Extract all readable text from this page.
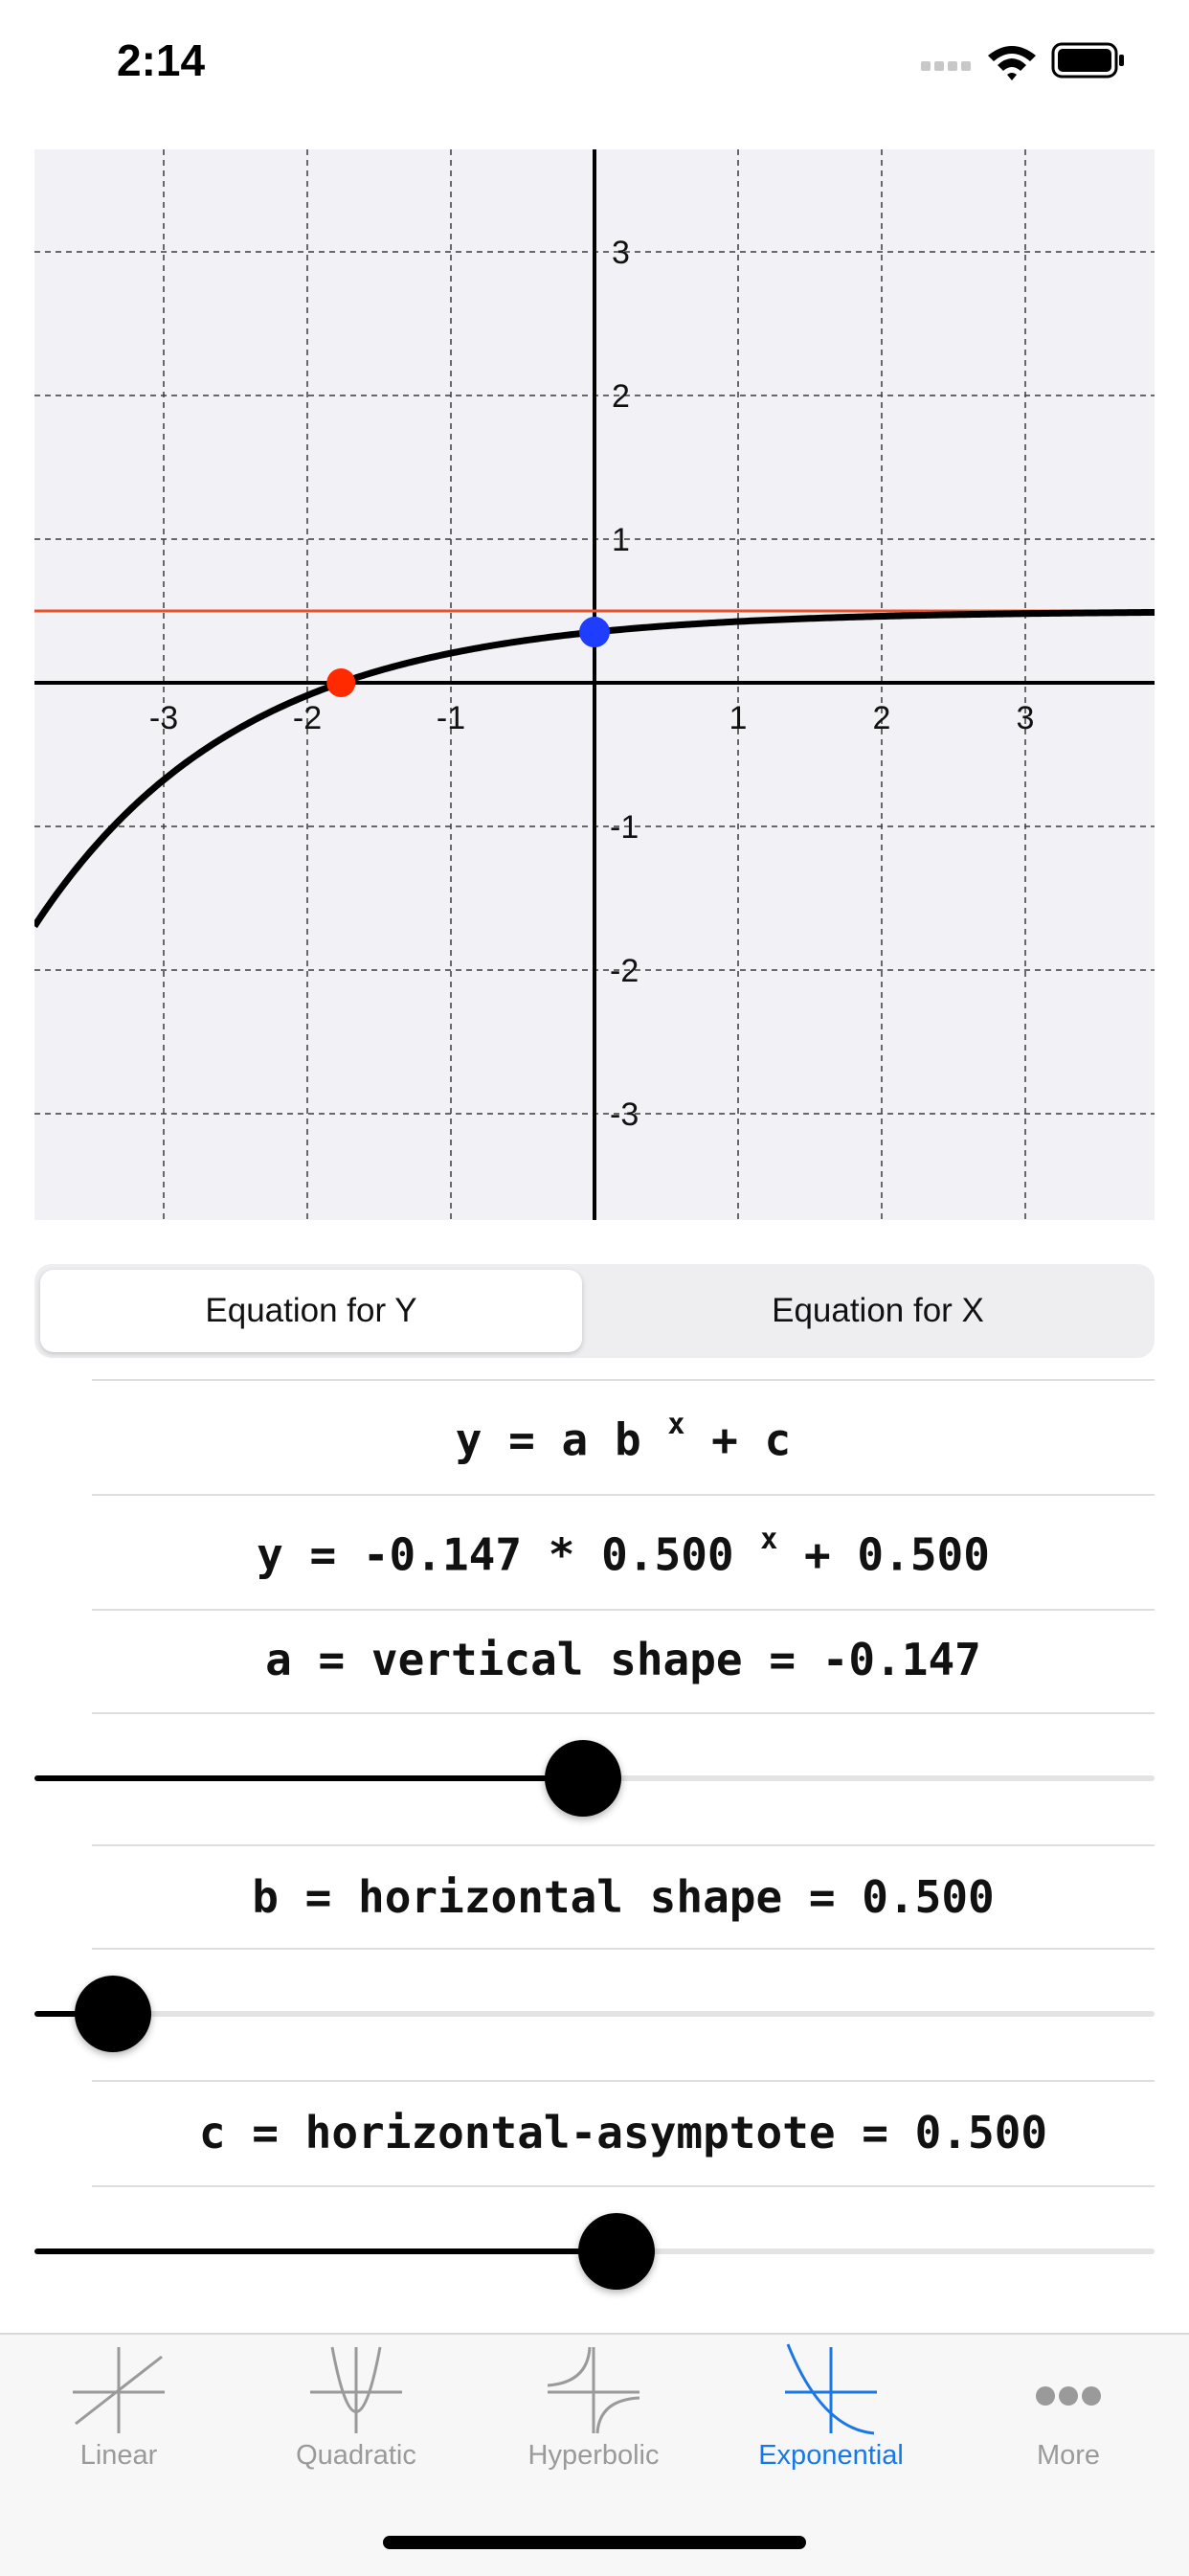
2:14
-3	-2	-1	1	2	3
3
2
1
-1
-2
-3
Equation for Y	Equation for X
y = a b $^x$ + c
y = -0.147 * 0.500 $^x$ + 0.500
a = vertical shape = -0.147
b = horizontal shape = 0.500
c = horizontal-asymptote = 0.500
Linear	Quadratic	Hyperbolic	Exponential	More
